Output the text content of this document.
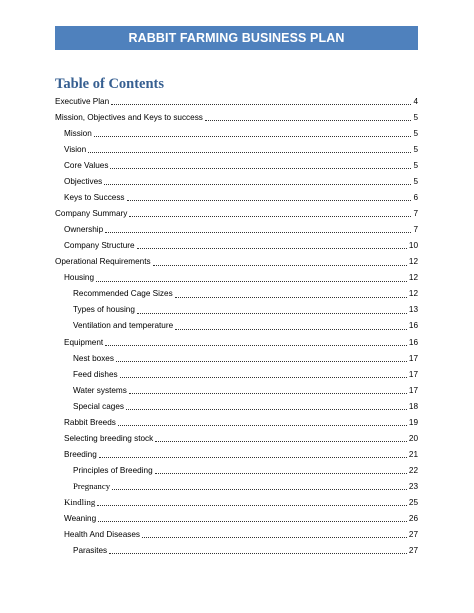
RABBIT FARMING BUSINESS PLAN
Table of Contents
Executive Plan	4
Mission, Objectives and Keys to success	5
Mission	5
Vision	5
Core Values	5
Objectives	5
Keys to Success	6
Company Summary	7
Ownership	7
Company Structure	10
Operational Requirements	12
Housing	12
Recommended Cage Sizes	12
Types of housing	13
Ventilation and temperature	16
Equipment	16
Nest boxes	17
Feed dishes	17
Water systems	17
Special cages	18
Rabbit Breeds	19
Selecting breeding stock	20
Breeding	21
Principles of Breeding	22
Pregnancy	23
Kindling	25
Weaning	26
Health And Diseases	27
Parasites	27
